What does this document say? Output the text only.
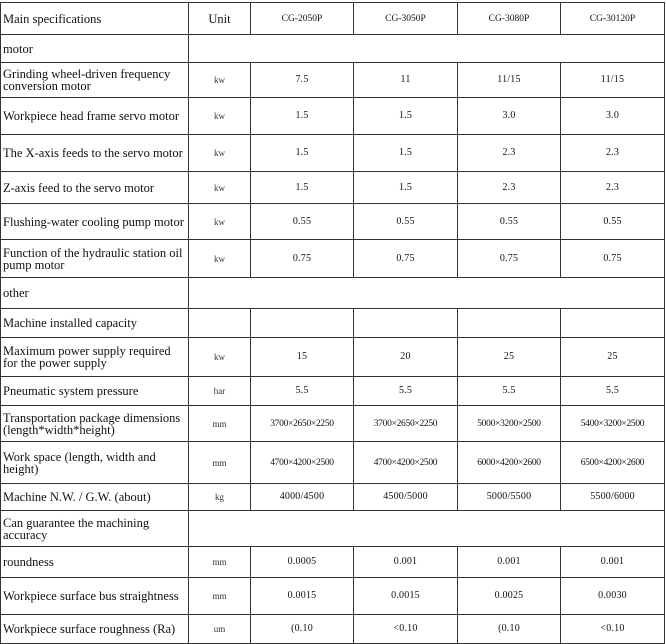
Main specifications	Unit	CG-2050P	CG-3050P	CG-3080P	CG-30120P
motor					
Grinding wheel-driven frequency conversion motor	kw	7.5	11	11/15	11/15
Workpiece head frame servo motor	kw	1.5	1.5	3.0	3.0
The X-axis feeds to the servo motor	kw	1.5	1.5	2.3	2.3
Z-axis feed to the servo motor	kw	1.5	1.5	2.3	2.3
Flushing-water cooling pump motor	kw	0.55	0.55	0.55	0.55
Function of the hydraulic station oil pump motor	kw	0.75	0.75	0.75	0.75
other					
Machine installed capacity					
Maximum power supply required for the power supply	kw	15	20	25	25
Pneumatic system pressure	bar	5.5	5.5	5.5	5.5
Transportation package dimensions (length*width*height)	mm	3700×2650×2250	3700×2650×2250	5000×3200×2500	5400×3200×2500
Work space (length, width and height)	mm	4700×4200×2500	4700×4200×2500	6000×4200×2600	6500×4200×2600
Machine N.W. / G.W. (about)	kg	4000/4500	4500/5000	5000/5500	5500/6000
Can guarantee the machining accuracy					
roundness	mm	0.0005	0.001	0.001	0.001
Workpiece surface bus straightness	mm	0.0015	0.0015	0.0025	0.0030
Workpiece surface roughness (Ra)	um	(0.10	<0.10	(0.10	<0.10
